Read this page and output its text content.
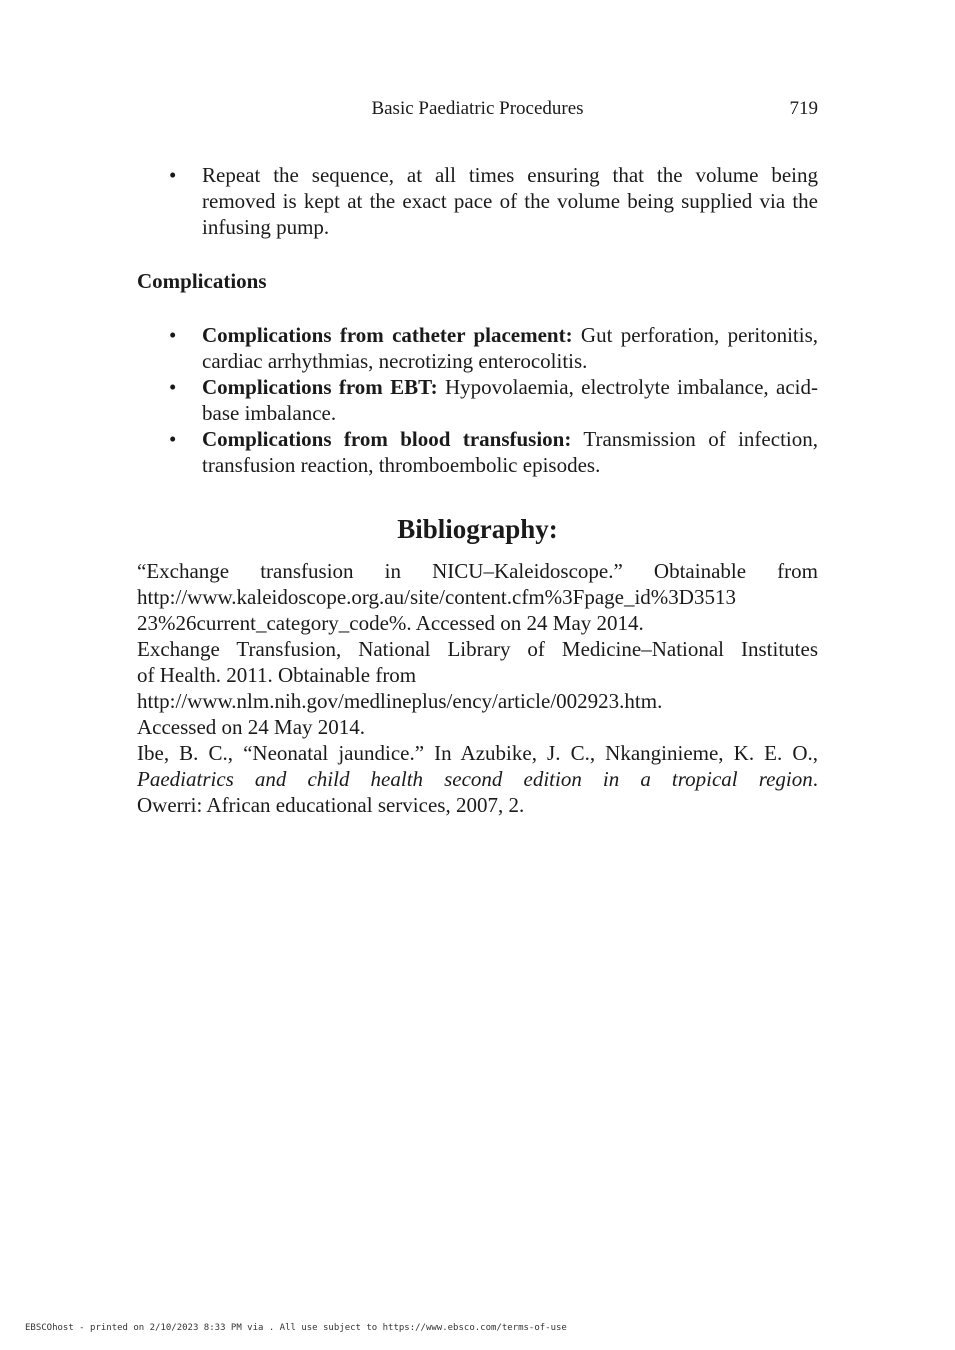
Basic Paediatric Procedures	719
• Repeat the sequence, at all times ensuring that the volume being removed is kept at the exact pace of the volume being supplied via the infusing pump.
Complications
• Complications from catheter placement: Gut perforation, peritonitis, cardiac arrhythmias, necrotizing enterocolitis.
• Complications from EBT: Hypovolaemia, electrolyte imbalance, acid-base imbalance.
• Complications from blood transfusion: Transmission of infection, transfusion reaction, thromboembolic episodes.
Bibliography:
“Exchange transfusion in NICU–Kaleidoscope.” Obtainable from
http://www.kaleidoscope.org.au/site/content.cfm%3Fpage_id%3D3513
23%26current_category_code%. Accessed on 24 May 2014.
Exchange Transfusion, National Library of Medicine–National Institutes
of Health. 2011. Obtainable from
http://www.nlm.nih.gov/medlineplus/ency/article/002923.htm.
Accessed on 24 May 2014.
Ibe, B. C., “Neonatal jaundice.” In Azubike, J. C., Nkanginieme, K. E. O.,
Paediatrics and child health second edition in a tropical region.
Owerri: African educational services, 2007, 2.
EBSCOhost - printed on 2/10/2023 8:33 PM via . All use subject to https://www.ebsco.com/terms-of-use
